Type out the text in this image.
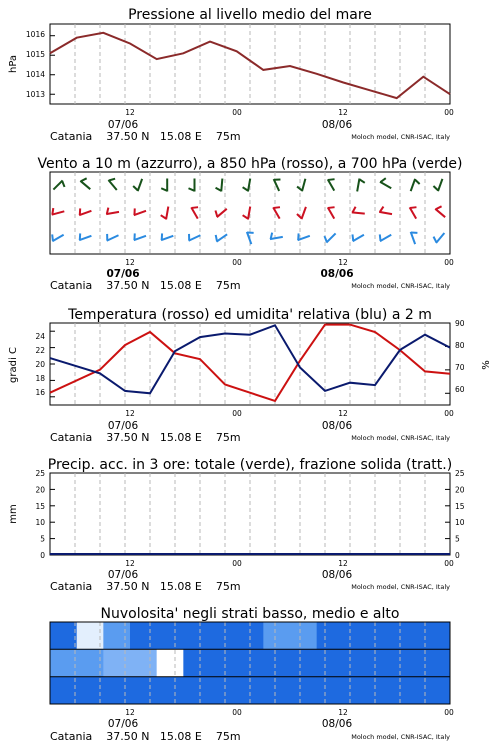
Pressione al livello medio del mare
hPa
1016
1015
1014
1013
12	00	12	00
07/06	08/06
Catania    37.50 N   15.08 E    75m	Moloch model, CNR-ISAC, Italy
Vento a 10 m (azzurro), a 850 hPa (rosso), a 700 hPa (verde)
12	00	12	00
07/06	08/06
Catania    37.50 N   15.08 E    75m	Moloch model, CNR-ISAC, Italy
Temperatura (rosso) ed umidita' relativa (blu) a 2 m
gradi C	%
24
22
20
18
16
90
80
70
60
12	00	12	00
07/06	08/06
Catania    37.50 N   15.08 E    75m	Moloch model, CNR-ISAC, Italy
Precip. acc. in 3 ore: totale (verde), frazione solida (tratt.)
mm
0	0
5	5
10	10
15	15
20	20
25	25
12	00	12	00
07/06	08/06
Catania    37.50 N   15.08 E    75m	Moloch model, CNR-ISAC, Italy
Nuvolosita' negli strati basso, medio e alto
12	00	12	00
07/06	08/06
Catania    37.50 N   15.08 E    75m	Moloch model, CNR-ISAC, Italy
